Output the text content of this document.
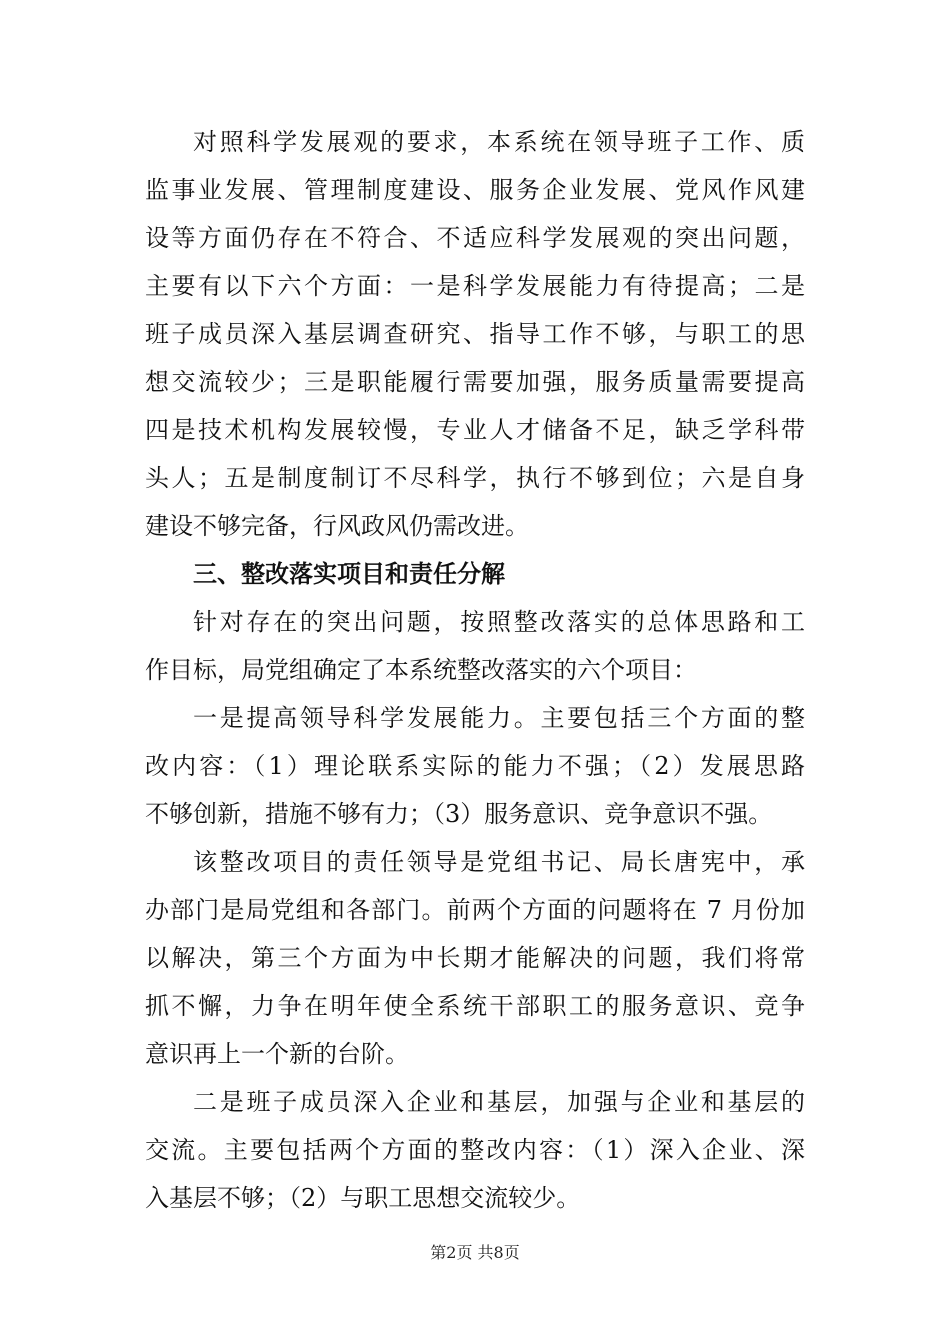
对照科学发展观的要求，本系统在领导班子工作、质
监事业发展、管理制度建设、服务企业发展、党风作风建
设等方面仍存在不符合、不适应科学发展观的突出问题，
主要有以下六个方面：一是科学发展能力有待提高；二是
班子成员深入基层调查研究、指导工作不够，与职工的思
想交流较少；三是职能履行需要加强，服务质量需要提高
四是技术机构发展较慢，专业人才储备不足，缺乏学科带
头人；五是制度制订不尽科学，执行不够到位；六是自身
建设不够完备，行风政风仍需改进。
三、整改落实项目和责任分解
针对存在的突出问题，按照整改落实的总体思路和工
作目标，局党组确定了本系统整改落实的六个项目：
一是提高领导科学发展能力。主要包括三个方面的整
改内容：（1）理论联系实际的能力不强；（2）发展思路
不够创新，措施不够有力；（3）服务意识、竞争意识不强。
该整改项目的责任领导是党组书记、局长唐宪中，承
办部门是局党组和各部门。前两个方面的问题将在 7 月份加
以解决，第三个方面为中长期才能解决的问题，我们将常
抓不懈，力争在明年使全系统干部职工的服务意识、竞争
意识再上一个新的台阶。
二是班子成员深入企业和基层，加强与企业和基层的
交流。主要包括两个方面的整改内容：（1）深入企业、深
入基层不够；（2）与职工思想交流较少。
第2页 共8页
